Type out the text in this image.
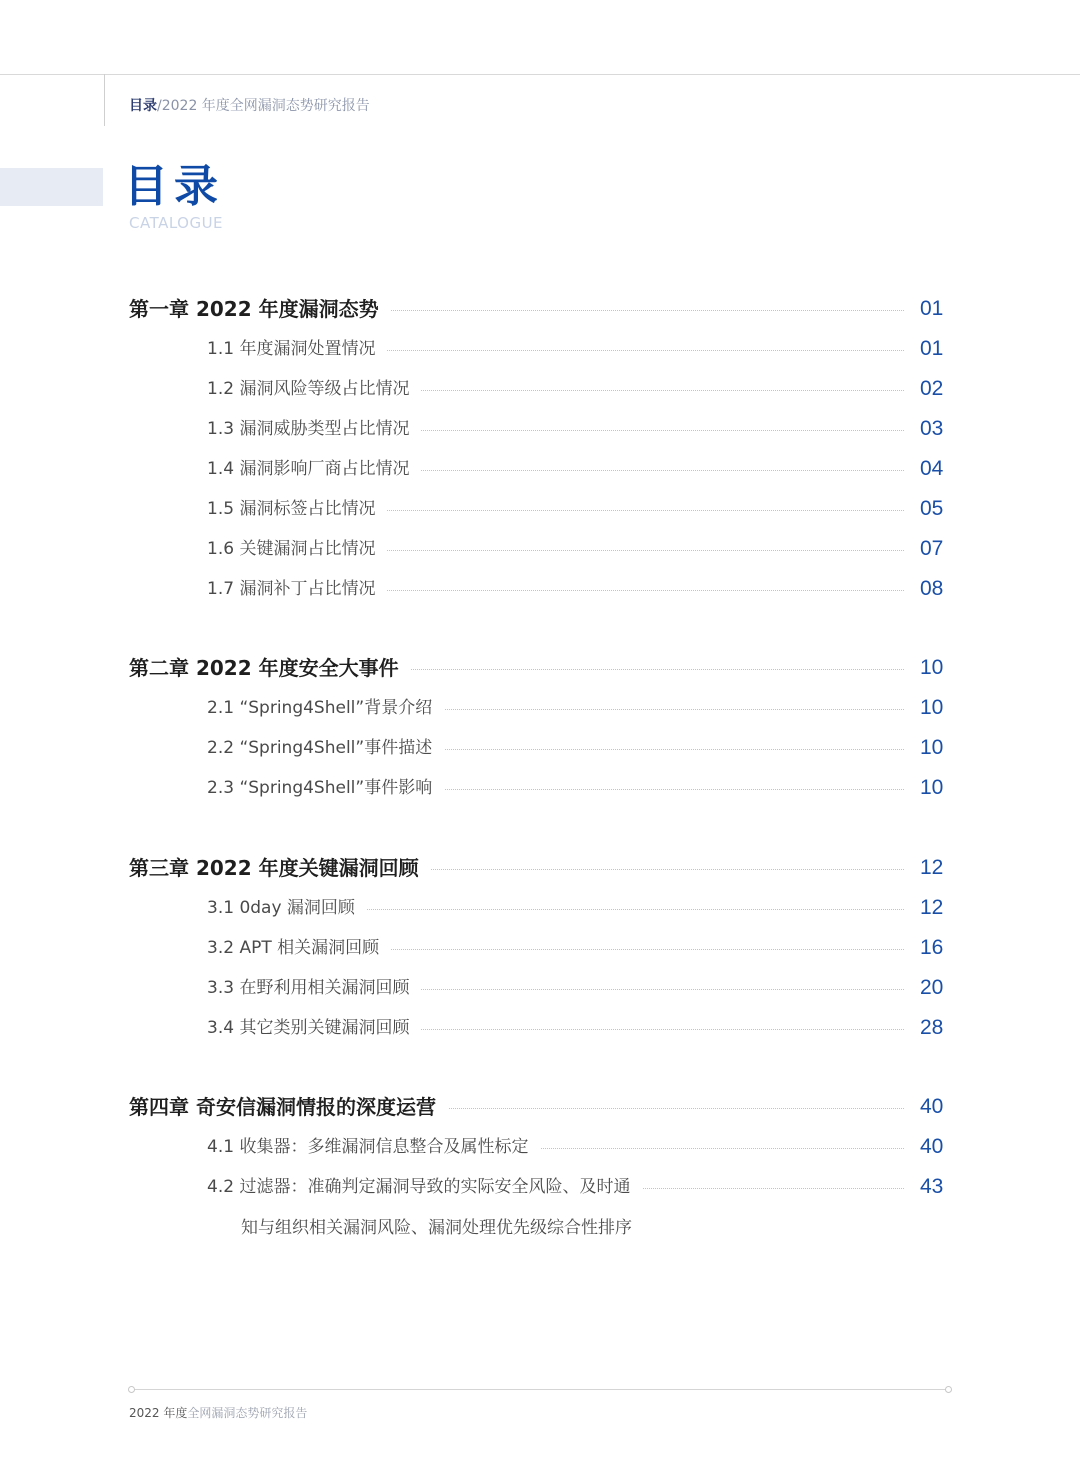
目录/2022 年度全网漏洞态势研究报告
目录
CATALOGUE
第一章 2022 年度漏洞态势	01
1.1 年度漏洞处置情况	01
1.2 漏洞风险等级占比情况	02
1.3 漏洞威胁类型占比情况	03
1.4 漏洞影响厂商占比情况	04
1.5 漏洞标签占比情况	05
1.6 关键漏洞占比情况	07
1.7 漏洞补丁占比情况	08
第二章 2022 年度安全大事件	10
2.1 “Spring4Shell”背景介绍	10
2.2 “Spring4Shell”事件描述	10
2.3 “Spring4Shell”事件影响	10
第三章 2022 年度关键漏洞回顾	12
3.1 0day 漏洞回顾	12
3.2 APT 相关漏洞回顾	16
3.3 在野利用相关漏洞回顾	20
3.4 其它类别关键漏洞回顾	28
第四章 奇安信漏洞情报的深度运营	40
4.1 收集器：多维漏洞信息整合及属性标定	40
4.2 过滤器：准确判定漏洞导致的实际安全风险、及时通	43
知与组织相关漏洞风险、漏洞处理优先级综合性排序
2022 年度全网漏洞态势研究报告
